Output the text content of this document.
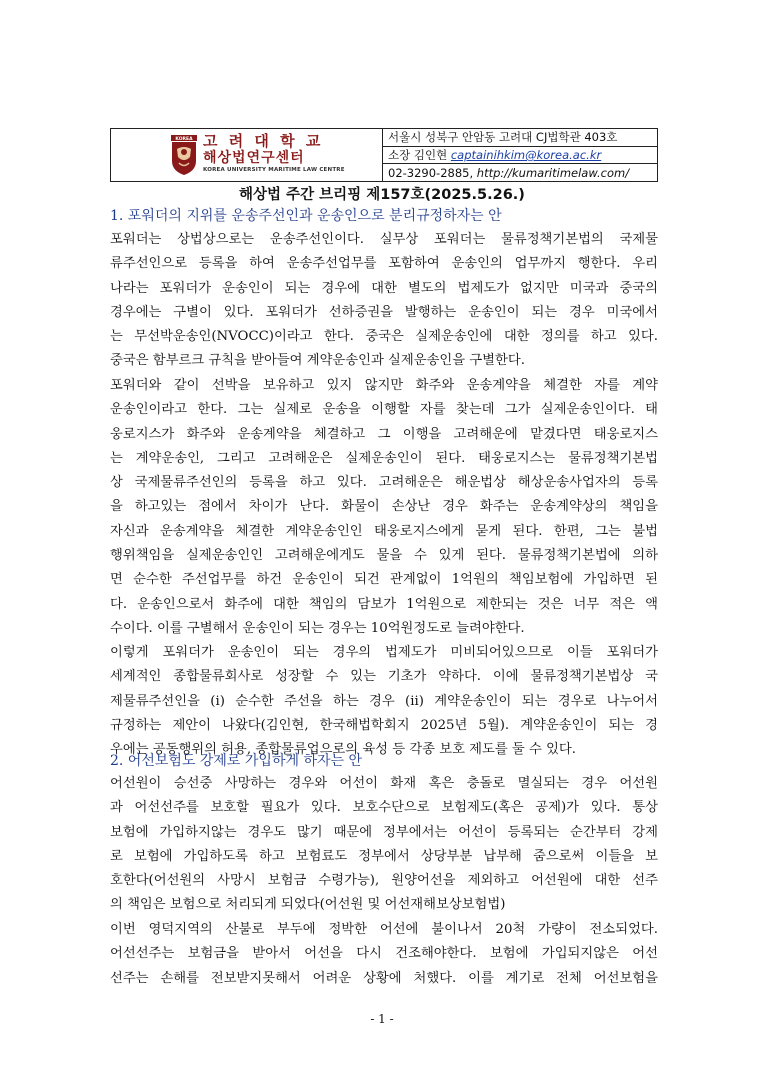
KOREA 고 려 대 학 교
해상법연구센터
KOREA UNIVERSITY MARITIME LAW CENTRE
서울시 성북구 안암동 고려대 CJ법학관 403호
소장 김인현
captainihkim@korea.ac.kr
02-3290-2885,
http://kumaritimelaw.com/
해상법 주간 브리핑 제157호(2025.5.26.)
1. 포워더의 지위를 운송주선인과 운송인으로 분리규정하자는 안
포워더는 상법상으로는 운송주선인이다. 실무상 포워더는 물류정책기본법의 국제물
류주선인으로 등록을 하여 운송주선업무를 포함하여 운송인의 업무까지 행한다. 우리
나라는 포워더가 운송인이 되는 경우에 대한 별도의 법제도가 없지만 미국과 중국의
경우에는 구별이 있다. 포워더가 선하증권을 발행하는 운송인이 되는 경우 미국에서
는 무선박운송인(NVOCC)이라고 한다. 중국은 실제운송인에 대한 정의를 하고 있다.
중국은 함부르크 규칙을 받아들여 계약운송인과 실제운송인을 구별한다.
포워더와 같이 선박을 보유하고 있지 않지만 화주와 운송계약을 체결한 자를 계약
운송인이라고 한다. 그는 실제로 운송을 이행할 자를 찾는데 그가 실제운송인이다. 태
웅로지스가 화주와 운송계약을 체결하고 그 이행을 고려해운에 맡겼다면 태웅로지스
는 계약운송인, 그리고 고려해운은 실제운송인이 된다. 태웅로지스는 물류정책기본법
상 국제물류주선인의 등록을 하고 있다. 고려해운은 해운법상 해상운송사업자의 등록
을 하고있는 점에서 차이가 난다. 화물이 손상난 경우 화주는 운송계약상의 책임을
자신과 운송계약을 체결한 계약운송인인 태웅로지스에게 묻게 된다. 한편, 그는 불법
행위책임을 실제운송인인 고려해운에게도 물을 수 있게 된다. 물류정책기본법에 의하
면 순수한 주선업무를 하건 운송인이 되건 관계없이 1억원의 책임보험에 가입하면 된
다. 운송인으로서 화주에 대한 책임의 담보가 1억원으로 제한되는 것은 너무 적은 액
수이다. 이를 구별해서 운송인이 되는 경우는 10억원정도로 늘려야한다.
이렇게 포워더가 운송인이 되는 경우의 법제도가 미비되어있으므로 이들 포워더가
세계적인 종합물류회사로 성장할 수 있는 기초가 약하다. 이에 물류정책기본법상 국
제물류주선인을 (i) 순수한 주선을 하는 경우 (ii) 계약운송인이 되는 경우로 나누어서
규정하는 제안이 나왔다(김인현, 한국해법학회지 2025년 5월). 계약운송인이 되는 경
우에는 공동행위의 허용, 종합물류업으로의 육성 등 각종 보호 제도를 둘 수 있다.
2. 어선보험도 강제로 가입하게 하자는 안
어선원이 승선중 사망하는 경우와 어선이 화재 혹은 충돌로 멸실되는 경우 어선원
과 어선선주를 보호할 필요가 있다. 보호수단으로 보험제도(혹은 공제)가 있다. 통상
보험에 가입하지않는 경우도 많기 때문에 정부에서는 어선이 등록되는 순간부터 강제
로 보험에 가입하도록 하고 보험료도 정부에서 상당부분 납부해 줌으로써 이들을 보
호한다(어선원의 사망시 보험금 수령가능), 원양어선을 제외하고 어선원에 대한 선주
의 책임은 보험으로 처리되게 되었다(어선원 및 어선재해보상보험법)
이번 영덕지역의 산불로 부두에 정박한 어선에 불이나서 20척 가량이 전소되었다.
어선선주는 보험금을 받아서 어선을 다시 건조해야한다. 보험에 가입되지않은 어선
선주는 손해를 전보받지못해서 어려운 상황에 처했다. 이를 계기로 전체 어선보험을
- 1 -
